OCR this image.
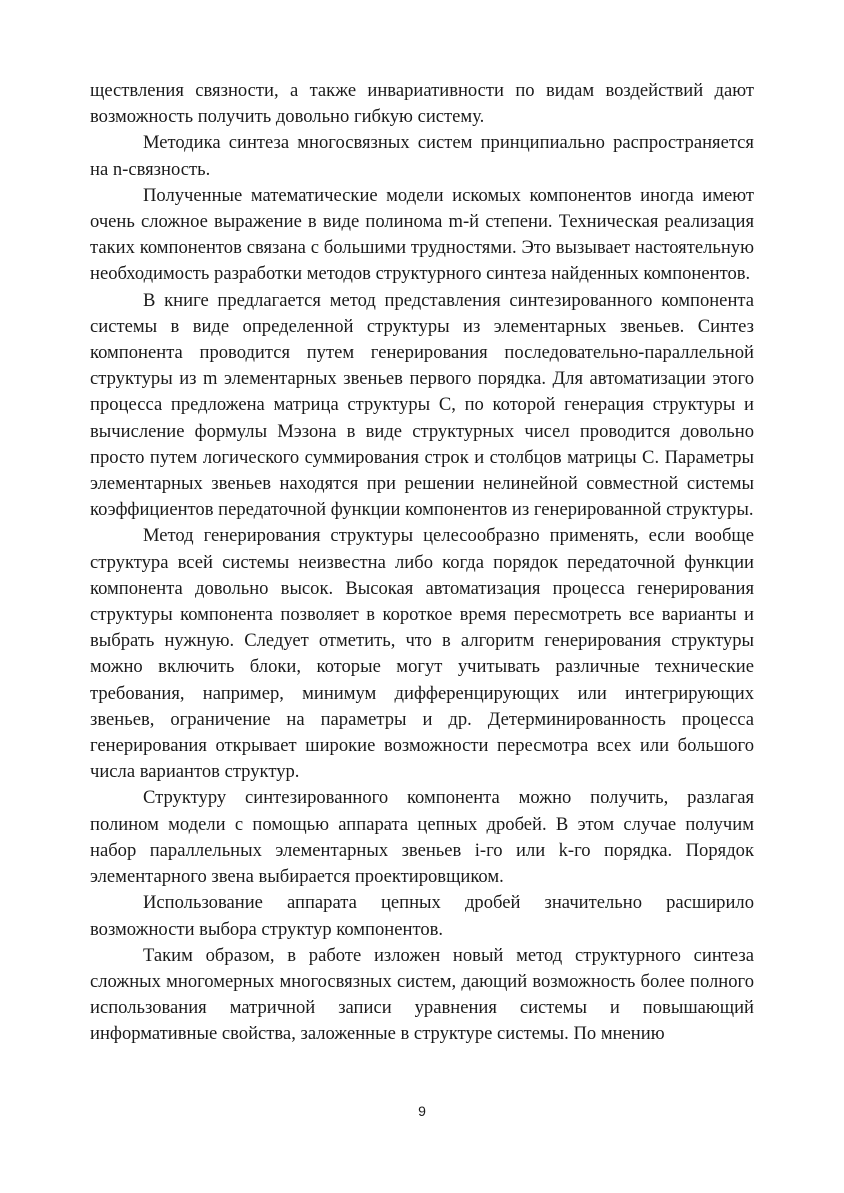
ществления связности, а также инвариативности по видам воздействий дают возможность получить довольно гибкую систему.

Методика синтеза многосвязных систем принципиально распространяется на n-связность.

Полученные математические модели искомых компонентов иногда имеют очень сложное выражение в виде полинома m-й степени. Техническая реализация таких компонентов связана с большими трудностями. Это вызывает настоятельную необходимость разработки методов структурного синтеза найденных компонентов.

В книге предлагается метод представления синтезированного компонента системы в виде определенной структуры из элементарных звеньев. Синтез компонента проводится путем генерирования последовательно-параллельной структуры из m элементарных звеньев первого порядка. Для автоматизации этого процесса предложена матрица структуры C, по которой генерация структуры и вычисление формулы Мэзона в виде структурных чисел проводится довольно просто путем логического суммирования строк и столбцов матрицы C. Параметры элементарных звеньев находятся при решении нелинейной совместной системы коэффициентов передаточной функции компонентов из генерированной структуры.

Метод генерирования структуры целесообразно применять, если вообще структура всей системы неизвестна либо когда порядок передаточной функции компонента довольно высок. Высокая автоматизация процесса генерирования структуры компонента позволяет в короткое время пересмотреть все варианты и выбрать нужную. Следует отметить, что в алгоритм генерирования структуры можно включить блоки, которые могут учитывать различные технические требования, например, минимум дифференцирующих или интегрирующих звеньев, ограничение на параметры и др. Детерминированность процесса генерирования открывает широкие возможности пересмотра всех или большого числа вариантов структур.

Структуру синтезированного компонента можно получить, разлагая полином модели с помощью аппарата цепных дробей. В этом случае получим набор параллельных элементарных звеньев i-го или k-го порядка. Порядок элементарного звена выбирается проектировщиком.

Использование аппарата цепных дробей значительно расширило возможности выбора структур компонентов.

Таким образом, в работе изложен новый метод структурного синтеза сложных многомерных многосвязных систем, дающий возможность более полного использования матричной записи уравнения системы и повышающий информативные свойства, заложенные в структуре системы. По мнению

9
